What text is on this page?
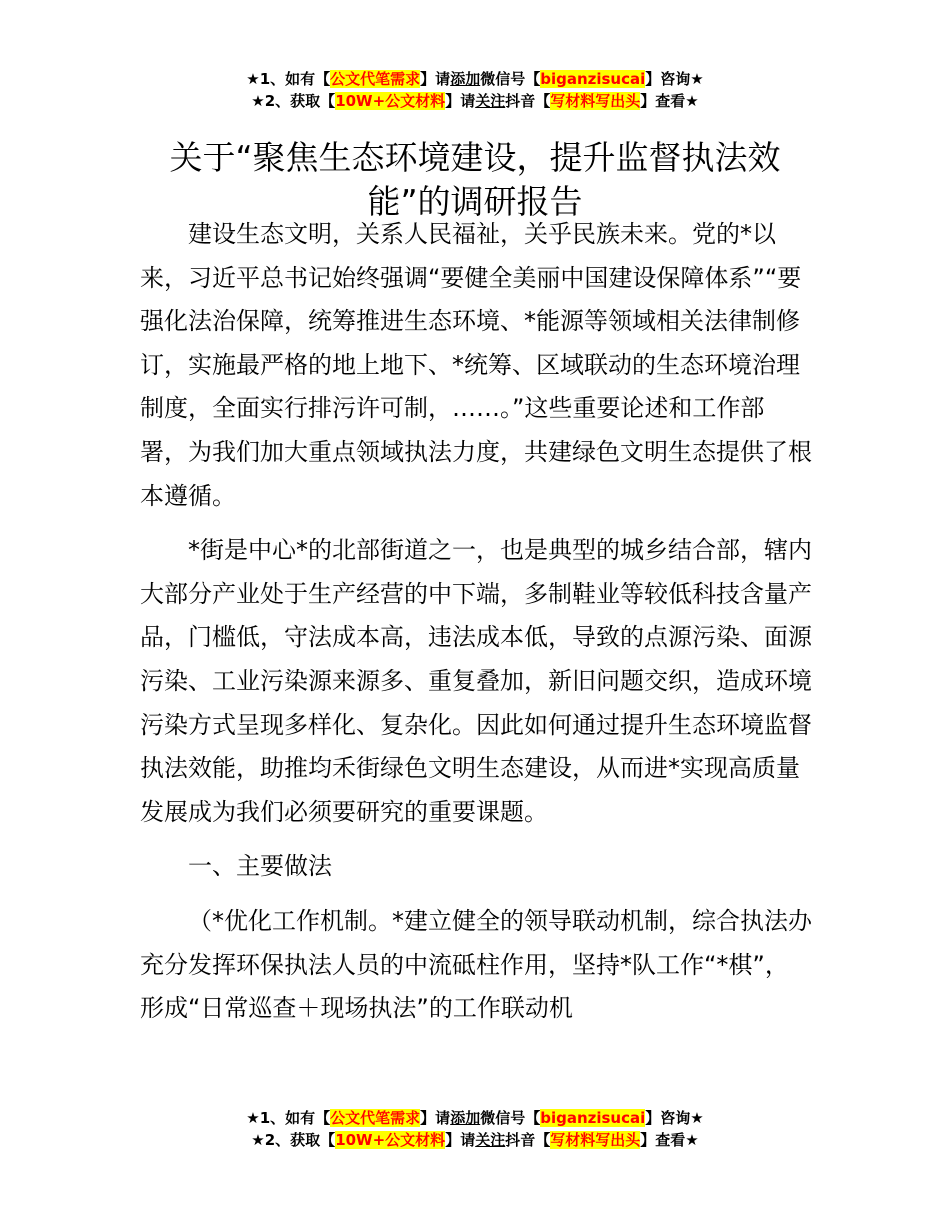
★1、如有【公文代笔需求】请添加微信号【biganzisucai】咨询★
★2、获取【10W+公文材料】请关注抖音【写材料写出头】查看★
关于“聚焦生态环境建设，提升监督执法效能”的调研报告

建设生态文明，关系人民福祉，关乎民族未来。党的*以来，习近平总书记始终强调“要健全美丽中国建设保障体系”“要强化法治保障，统筹推进生态环境、*能源等领域相关法律制修订，实施最严格的地上地下、*统筹、区域联动的生态环境治理制度，全面实行排污许可制，……。”这些重要论述和工作部署，为我们加大重点领域执法力度，共建绿色文明生态提供了根本遵循。

*街是中心*的北部街道之一，也是典型的城乡结合部，辖内大部分产业处于生产经营的中下端，多制鞋业等较低科技含量产品，门槛低，守法成本高，违法成本低，导致的点源污染、面源污染、工业污染源来源多、重复叠加，新旧问题交织，造成环境污染方式呈现多样化、复杂化。因此如何通过提升生态环境监督执法效能，助推均禾街绿色文明生态建设，从而进*实现高质量发展成为我们必须要研究的重要课题。

一、主要做法

（*优化工作机制。*建立健全的领导联动机制，综合执法办充分发挥环保执法人员的中流砥柱作用，坚持*队工作“*棋”，形成“日常巡查＋现场执法”的工作联动机

★1、如有【公文代笔需求】请添加微信号【biganzisucai】咨询★
★2、获取【10W+公文材料】请关注抖音【写材料写出头】查看★
